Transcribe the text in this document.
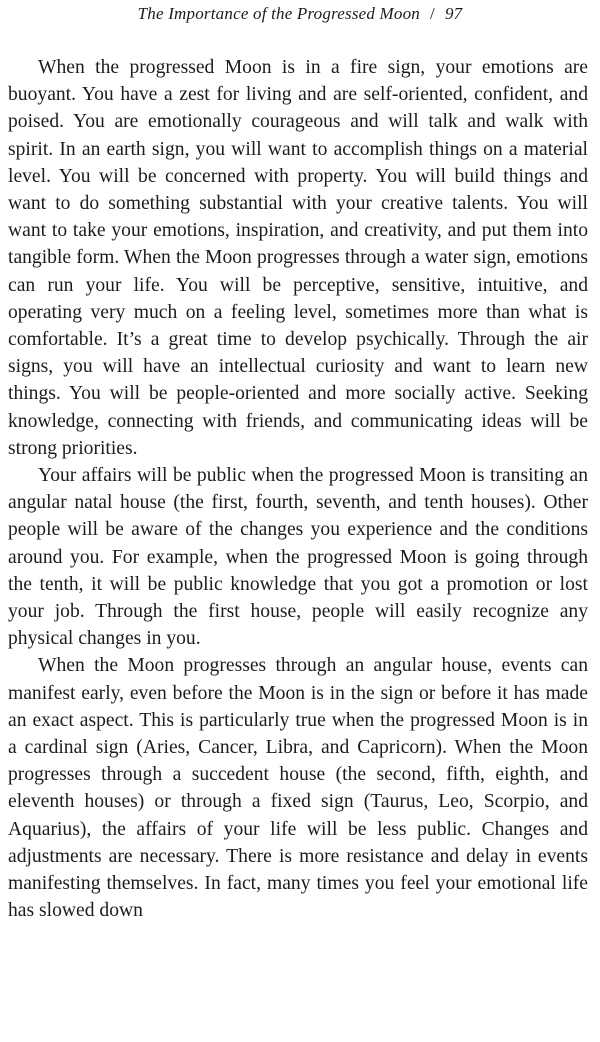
The Importance of the Progressed Moon / 97

When the progressed Moon is in a fire sign, your emotions are buoyant. You have a zest for living and are self-oriented, confident, and poised. You are emotionally courageous and will talk and walk with spirit. In an earth sign, you will want to accomplish things on a material level. You will be concerned with property. You will build things and want to do something substantial with your creative talents. You will want to take your emotions, inspiration, and creativity, and put them into tangible form. When the Moon progresses through a water sign, emotions can run your life. You will be perceptive, sensitive, intuitive, and operating very much on a feeling level, sometimes more than what is comfortable. It’s a great time to develop psychically. Through the air signs, you will have an intellectual curiosity and want to learn new things. You will be people-oriented and more socially active. Seeking knowledge, connecting with friends, and communicating ideas will be strong priorities.

Your affairs will be public when the progressed Moon is transiting an angular natal house (the first, fourth, seventh, and tenth houses). Other people will be aware of the changes you experience and the conditions around you. For example, when the progressed Moon is going through the tenth, it will be public knowledge that you got a promotion or lost your job. Through the first house, people will easily recognize any physical changes in you.

When the Moon progresses through an angular house, events can manifest early, even before the Moon is in the sign or before it has made an exact aspect. This is particularly true when the progressed Moon is in a cardinal sign (Aries, Cancer, Libra, and Capricorn). When the Moon progresses through a succedent house (the second, fifth, eighth, and eleventh houses) or through a fixed sign (Taurus, Leo, Scorpio, and Aquarius), the affairs of your life will be less public. Changes and adjustments are necessary. There is more resistance and delay in events manifesting themselves. In fact, many times you feel your emotional life has slowed down
